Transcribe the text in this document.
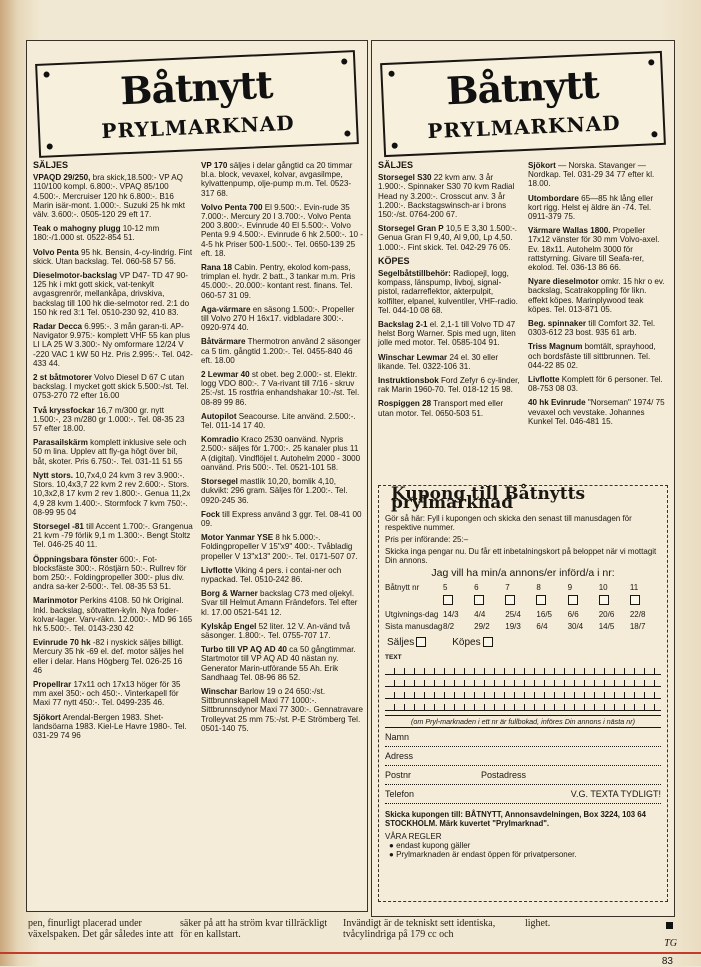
Båtnytt
PRYLMARKNAD
SÄLJES

VPAQD 29/250, bra skick,18.500:- VP AQ 110/100 kompl. 6.800:-. VPAQ 85/100 4.500:-. Mercruiser 120 hk 6.800:-. B16 Marin isär-mont. 1.000:-. Suzuki 25 hk mkt välv. 3.600:-. 0505-120 29 eft 17.

Teak o mahogny plugg 10-12 mm 180:-/1.000 st. 0522-854 51.

Volvo Penta 95 hk. Bensin, 4-cy-lindrig. Fint skick. Utan backslag. Tel. 060-58 57 56.

Dieselmotor-backslag VP D47- TD 47 90-125 hk i mkt gott skick, vat-tenkylt avgasgrenrör, mellankåpa, drivskiva, backslag till 100 hk die-selmotor red. 2:1 do 150 hk red 3:1 Tel. 0510-230 92, 410 83.

Radar Decca 6.995:-. 3 mån garan-ti. AP-Navigator 9.975:- komplett VHF 55 kan plus LI LA 25 W 3.300:- Ny omformare 12/24 V -220 VAC 1 kW 50 Hz. Pris 2.995:-. Tel. 042-433 44.

2 st båtmotorer Volvo Diesel D 67 C utan backslag. I mycket gott skick 5.500:-/st. Tel. 0753-270 72 efter 16.00

Två kryssfockar 16,7 m/300 gr. nytt 1.500:-, 23 m/280 gr 1.000:-. Tel. 08-35 23 57 efter 18.00.

Parasailskärm komplett inklusive sele och 50 m lina. Upplev att fly-ga högt över bil, båt, skoter. Pris 6.750:-. Tel. 031-11 51 55

Nytt stors. 10,7x4,0 24 kvm 3 rev 3.900:-. Stors. 10,4x3,7 22 kvm 2 rev 2.600:-. Stors. 10,3x2,8 17 kvm 2 rev 1.800:-. Genua 11,2x 4,9 28 kvm 1.400:-. Stormfock 7 kvm 750:-. 08-99 95 04

Storsegel -81 till Accent 1.700:-. Grangenua 21 kvm -79 förlik 9,1 m 1.300:-. Bengt Stoltz Tel. 046-25 40 11.

Öppningsbara fönster 600:-. Fot-blocksfäste 300:-. Röstjärn 50:-. Rullrev för bom 250:-. Foldingpropeller 300:- plus div. andra sa-ker 2-500:-. Tel. 08-35 53 51.

Marinmotor Perkins 4108. 50 hk Original. Inkl. backslag, sötvatten-kyln. Nya foder-kolvar-lager. Varv-räkn. 12.000:-. MD 96 165 hk 5.500:-. Tel. 0143-230 42

Evinrude 70 hk -82 i nyskick säljes billigt. Mercury 35 hk -69 el. def. motor säljes hel eller i delar. Hans Högberg Tel. 026-25 16 46

Propellrar 17x11 och 17x13 höger för 35 mm axel 350:- och 450:-. Vinterkapell för Maxi 77 nytt 450:-. Tel. 0499-235 46.

Sjökort Arendal-Bergen 1983. Shet-landsöarna 1983. Kiel-Le Havre 1980-. Tel. 031-29 74 96

VP 170 säljes i delar gångtid ca 20 timmar bl.a. block, vevaxel, kolvar, avgasilmpe, kylvattenpump, olje-pump m.m. Tel. 0523-317 68.

Volvo Penta 700 El 9.500:-. Evin-rude 35 7.000:-. Mercury 20 I 3.700:-. Volvo Penta 200 3.800:-. Evinrude 40 El 5.500:-. Volvo Penta 9.9 4.500:-. Evinrude 6 hk 2.500:-. 10 - 4-5 hk Priser 500-1.500:-. Tel. 0650-139 25 eft. 18.

Rana 18 Cabin. Pentry, ekolod kom-pass, trimplan el. hydr. 2 batt., 3 tankar m.m. Pris 45.000:-. 20.000:- kontant rest. finans. Tel. 060-57 31 09.

Aga-värmare en säsong 1.500:-. Propeller till Volvo 270 H 16x17. vidbladare 300:-. 0920-974 40.

Båtvärmare Thermotron använd 2 säsonger ca 5 tim. gångtid 1.200:-. Tel. 0455-840 46 eft. 18.00

2 Lewmar 40 st obet. beg 2.000:- st. Elektr. logg VDO 800:-. 7 Va-rivant till 7/16 - skruv 25:-/st. 15 rostfria enhandshakar 10:-/st. Tel. 08-89 99 86.

Autopilot Seacourse. Lite använd. 2.500:-. Tel. 011-14 17 40.

Komradio Kraco 2530 oanvänd. Nypris 2.500:- säljes för 1.700:-. 25 kanaler plus 11 A (digital). Vindflöjel t. Autohelm 2000 - 3000 oanvänd. Pris 500:-. Tel. 0521-101 58.

Storsegel mastlik 10,20, bomlik 4,10, dukvikt: 296 gram. Säljes för 1.200:-. Tel. 0920-245 36.

Fock till Express använd 3 ggr. Tel. 08-41 00 09.

Motor Yanmar YSE 8 hk 5.000:-. Foldingpropeller V 15"x9" 400:-. Tvåbladig propeller V 13"x13" 200:-. Tel. 0171-507 07.

Livflotte Viking 4 pers. i contai-ner och nypackad. Tel. 0510-242 86.

Borg & Warner backslag C73 med oljekyl. Svar till Helmut Amann Frändefors. Tel efter kl. 17.00 0521-541 12.

Kylskåp Engel 52 liter. 12 V. An-vänd två säsonger. 1.800:-. Tel. 0755-707 17.

Turbo till VP AQ AD 40 ca 50 gångtimmar. Startmotor till VP AQ AD 40 nästan ny. Generator Marin-utförande 55 Ah. Erik Sandhaag Tel. 08-96 86 52.

Winschar Barlow 19 o 24 650:-/st. Sittbrunnskapell Maxi 77 1000:-. Sittbrunnsdynor Maxi 77 300:-. Gennatravare Trolleyvat 25 mm 75:-/st. P-E Strömberg Tel. 0501-140 75.

Båtnytt
PRYLMARKNAD
SÄLJES

Storsegel S30 22 kvm anv. 3 år 1.900:-. Spinnaker S30 70 kvm Radial Head ny 3.200:-. Crosscut anv. 3 år 1.200:-. Backstagswinsch-ar i brons 150:-/st. 0764-200 67.

Storsegel Gran P 10,5 E 3,30 1.500:-. Genua Gran Fl 9,40, Al 9,00, Lp 4,50. 1.000:-. Fint skick. Tel. 042-29 76 05.

KÖPES

Segelbåtstillbehör: Radiopejl, logg, kompass, länspump, livboj, signal-pistol, radarreflektor, akterpulpit, kolfilter, elpanel, kulventiler, VHF-radio. Tel. 044-10 08 68.

Backslag 2-1 el. 2,1-1 till Volvo TD 47 helst Borg Warner. Spis med ugn, liten jolle med motor. Tel. 0585-104 91.

Winschar Lewmar 24 el. 30 eller likande. Tel. 0322-106 31.

Instruktionsbok Ford Zefyr 6 cy-linder, rak Marin 1960-70. Tel. 018-12 15 98.

Rospiggen 28 Transport med eller utan motor. Tel. 0650-503 51.

Sjökort — Norska. Stavanger — Nordkap. Tel. 031-29 34 77 efter kl. 18.00.

Utombordare 65—85 hk lång eller kort rigg. Helst ej äldre än -74. Tel. 0911-379 75.

Värmare Wallas 1800. Propeller 17x12 vänster för 30 mm Volvo-axel. Ev. 18x11. Autohelm 3000 för rattstyrning. Givare till Seafa-rer, ekolod. Tel. 036-13 86 66.

Nyare dieselmotor omkr. 15 hkr o ev. backslag, Scatrakoppling för likn. effekt köpes. Marinplywood teak köpes. Tel. 013-871 05.

Beg. spinnaker till Comfort 32. Tel. 0303-612 23 bost. 935 61 arb.

Triss Magnum bomtält, sprayhood, och bordsfäste till sittbrunnen. Tel. 044-22 85 02.

Livflotte Komplett för 6 personer. Tel. 08-753 08 03.

40 hk Evinrude "Norseman" 1974/ 75 vevaxel och vevstake. Johannes Kunkel Tel. 046-481 15.

Kupong till Båtnytts prylmarknad
Gör så här: Fyll i kupongen och skicka den senast till manusdagen för respektive nummer.
Pris per införande: 25:–
Skicka inga pengar nu. Du får ett inbetalningskort på beloppet när vi mottagit Din annons.
Jag vill ha min/a annons/er införd/a i nr:
Båtnytt nr	5	6	7	8	9	10	11
Utgivnings-dag 14/3	4/4	25/4	16/5	6/6	20/6	22/8
Sista manusdag 8/2	29/2	19/3	6/4	30/4	14/5	18/7
Säljes	Köpes
TEXT
(om Pryl-marknaden i ett nr är fullbokad, införes Din annons i nästa nr)
Namn
Adress
Postnr	Postadress
Telefon	V.G. TEXTA TYDLIGT!
Skicka kupongen till: BÅTNYTT, Annonsavdelningen, Box 3224, 103 64 STOCKHOLM. Märk kuvertet "Prylmarknad".
VÅRA REGLER
● endast kupong gäller
● Prylmarknaden är endast öppen för privatpersoner.
pen, finurligt placerad under växelspaken. Det går således inte att
säker på att ha ström kvar tillräckligt för en kallstart.
Invändigt är de tekniskt sett identiska, tvåcylindriga på 179 cc och
lighet.
TG
83
